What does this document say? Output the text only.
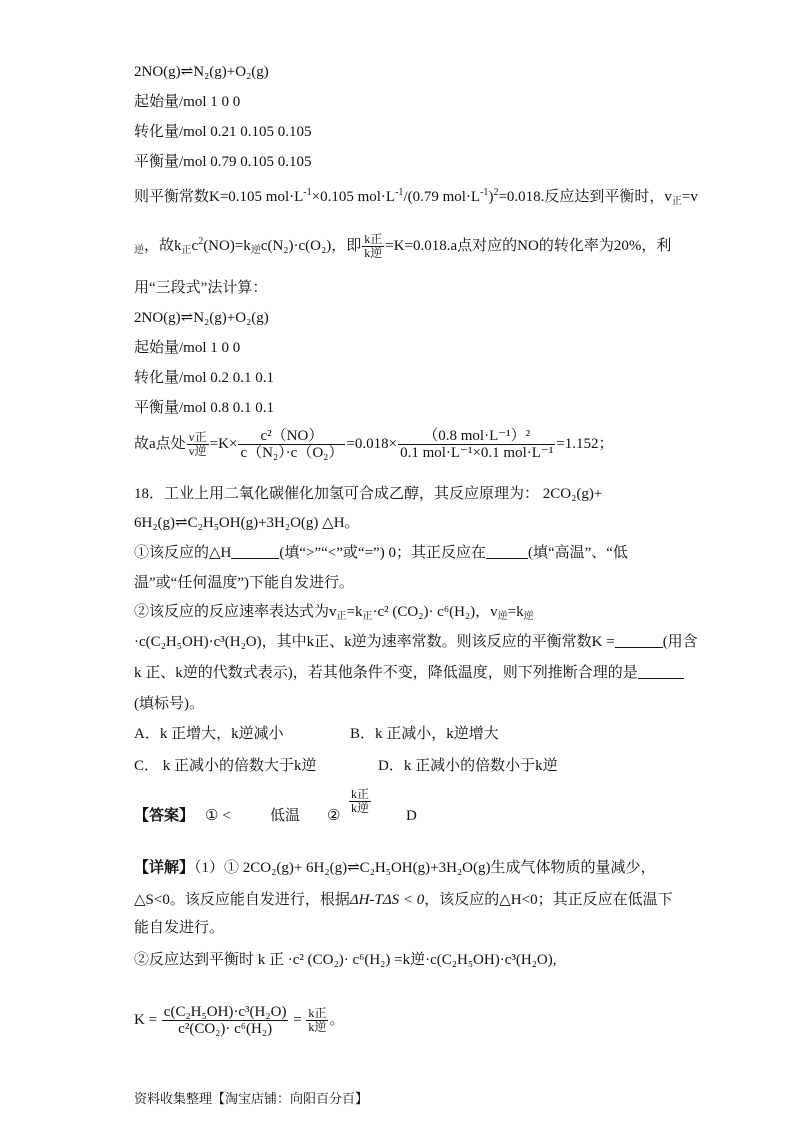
2NO(g)⇌N₂(g)+O₂(g)
起始量/mol 1 0 0
转化量/mol 0.21 0.105 0.105
平衡量/mol 0.79 0.105 0.105
则平衡常数K=0.105 $mol\cdot L^{-1}\times 0.105$ $mol\cdot L^{-1}/(0.79$ $mol\cdot L^{-1})^2=0.018$.反应达到平衡时，$v_正=v$
$_逆$，故$k_正c^2(NO)=k_逆c(N_2)\cdot c(O_2)$，即 $\frac{\text{k正}}{\text{k逆}} =K=0.018.a$点对应的NO的转化率为20%，利
用“三段式”法计算：
2NO(g)⇌N₂(g)+O₂(g)
起始量/mol 1 0 0
转化量/mol 0.2 0.1 0.1
平衡量/mol 0.8 0.1 0.1
故a点处 $\frac{\text{v正}}{\text{v逆}} =K\times \frac{\text{c²（NO）}}{\text{c（N₂）·c（O₂）}} =0.018\times \frac{\text{（0.8 mol·L⁻¹）²}}{\text{0.1 mol·L⁻¹×0.1 mol·L⁻¹}} =1.152$；
18．工业上用二氧化碳催化加氢可合成乙醇，其反应原理为： 2CO₂(g)+
6H₂(g)⇌C₂H₅OH(g)+3H₂O(g) △H。
①该反应的△H	(填“>”“<”或“=”) 0；其正反应在	(填“高温”、“低
温”或“任何温度”)下能自发进行。
②该反应的反应速率表达式为$v_正=k_正\cdot c^2$ (CO₂)· c⁶(H₂)，$v_逆=k_逆$
·c(C₂H₅OH)·c³(H₂O)，其中k正、k逆为速率常数。则该反应的平衡常数K =	(用含
k 正、k逆的代数式表示)，若其他条件不变，降低温度，则下列推断合理的是
(填标号)。
A．k 正增大，k逆减小	B．k 正减小，k逆增大
C． k 正减小的倍数大于k逆	D．k 正减小的倍数小于k逆
【答案】 ① <	低温 ②
$\frac{\text{k正}}{\text{k逆}}$
D
【详解】（1）① 2CO₂(g)+ 6H₂(g)⇌C₂H₅OH(g)+3H₂O(g)生成气体物质的量减少，
△S<0。该反应能自发进行，根据ΔH-TΔS < 0，该反应的△H<0；其正反应在低温下
能自发进行。
②反应达到平衡时 k 正 ·c² (CO₂)· c⁶(H₂) =k逆·c(C₂H₅OH)·c³(H₂O),
$K = \frac{\text{c(C₂H₅OH)·c³(H₂O)}}{\text{c²(CO₂)· c⁶(H₂)}} = \frac{\text{k正}}{\text{k逆}}$ 。
资料收集整理【淘宝店铺：向阳百分百】
